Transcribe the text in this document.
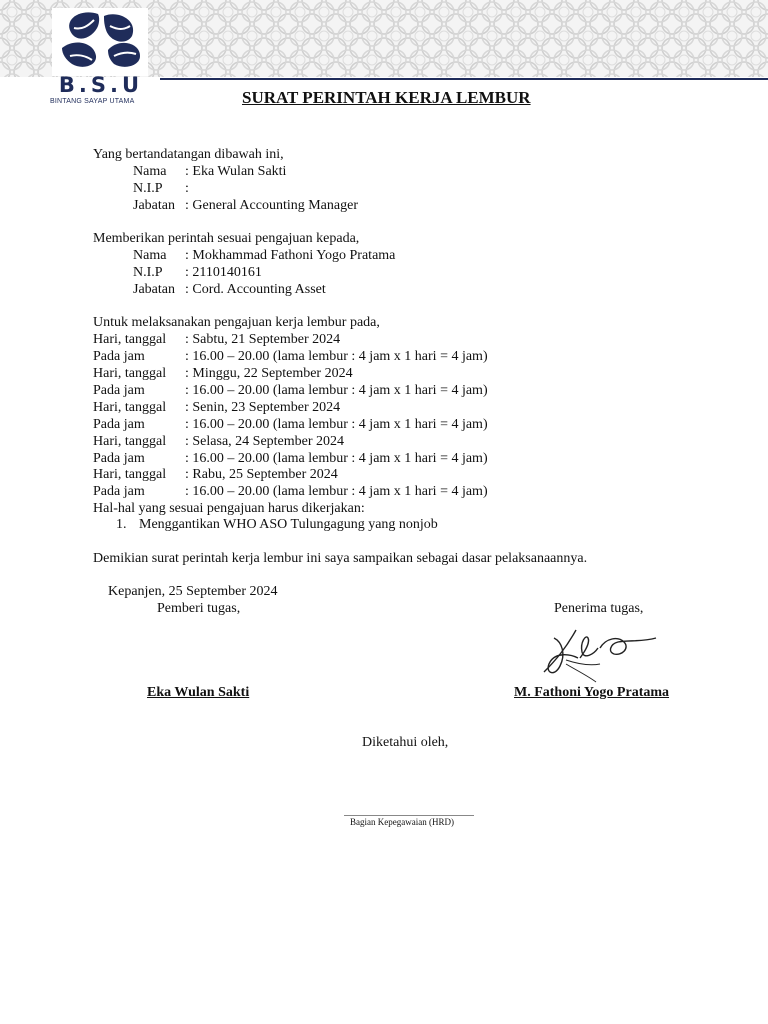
B.S.U
BINTANG SAYAP UTAMA	SURAT PERINTAH KERJA LEMBUR
Yang bertandatangan dibawah ini,
Nama : Eka Wulan Sakti
N.I.P :
Jabatan : General Accounting Manager
Memberikan perintah sesuai pengajuan kepada,
Nama : Mokhammad Fathoni Yogo Pratama
N.I.P : 2110140161
Jabatan : Cord. Accounting Asset
Untuk melaksanakan pengajuan kerja lembur pada,
Hari, tanggal : Sabtu, 21 September 2024
Pada jam	: 16.00 – 20.00 (lama lembur : 4 jam x 1 hari = 4 jam)
Hari, tanggal : Minggu, 22 September 2024
Pada jam	: 16.00 – 20.00 (lama lembur : 4 jam x 1 hari = 4 jam)
Hari, tanggal : Senin, 23 September 2024
Pada jam	: 16.00 – 20.00 (lama lembur : 4 jam x 1 hari = 4 jam)
Hari, tanggal : Selasa, 24 September 2024
Pada jam	: 16.00 – 20.00 (lama lembur : 4 jam x 1 hari = 4 jam)
Hari, tanggal : Rabu, 25 September 2024
Pada jam	: 16.00 – 20.00 (lama lembur : 4 jam x 1 hari = 4 jam)
Hal-hal yang sesuai pengajuan harus dikerjakan:
1. Menggantikan WHO ASO Tulungagung yang nonjob
Demikian surat perintah kerja lembur ini saya sampaikan sebagai dasar pelaksanaannya.
Kepanjen, 25 September 2024
Pemberi tugas,	Penerima tugas,
Eka Wulan Sakti	M. Fathoni Yogo Pratama
Diketahui oleh,
Bagian Kepegawaian (HRD)
